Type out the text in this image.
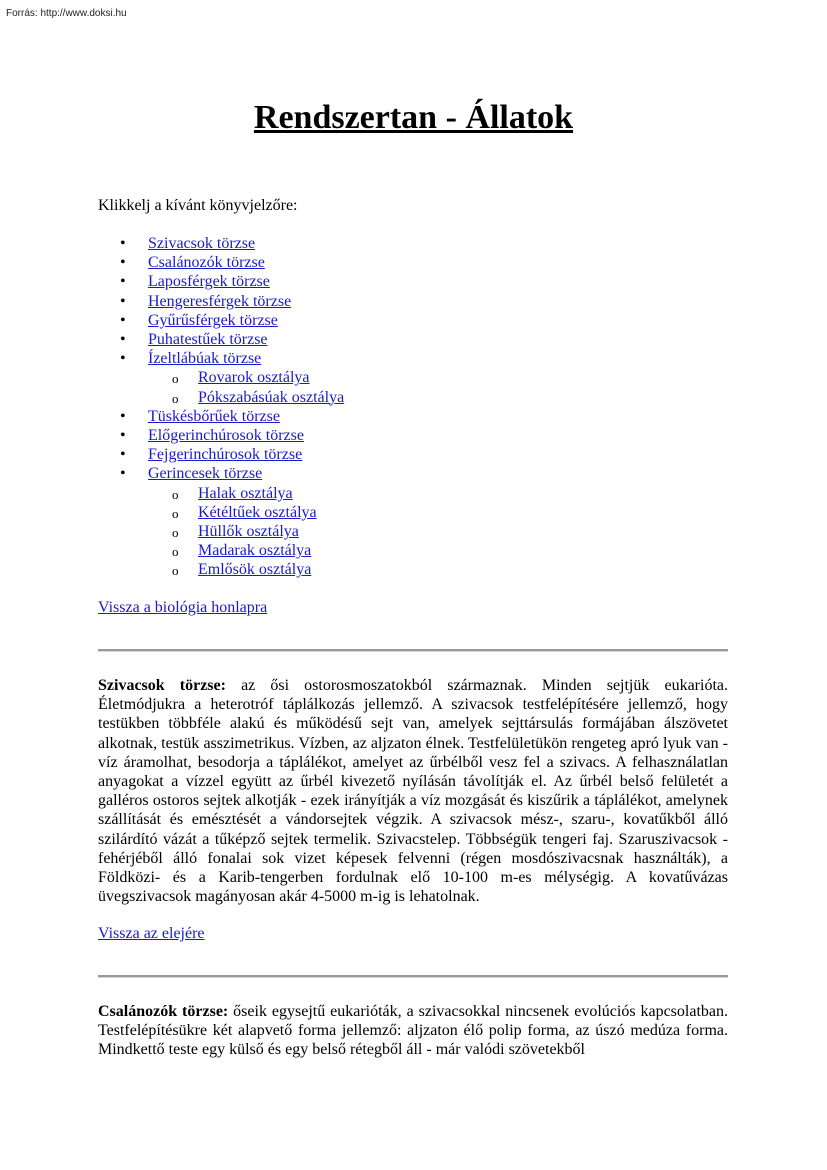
Forrás: http://www.doksi.hu
Rendszertan - Állatok
Klikkelj a kívánt könyvjelzőre:
• Szivacsok törzse
• Csalánozók törzse
• Laposférgek törzse
• Hengeresférgek törzse
• Gyűrűsférgek törzse
• Puhatestűek törzse
• Ízeltlábúak törzse
o Rovarok osztálya
o Pókszabásúak osztálya
• Tüskésbőrűek törzse
• Előgerinchúrosok törzse
• Fejgerinchúrosok törzse
• Gerincesek törzse
o Halak osztálya
o Kétéltűek osztálya
o Hüllők osztálya
o Madarak osztálya
o Emlősök osztálya
Vissza a biológia honlapra

Szivacsok törzse: az ősi ostorosmoszatokból származnak. Minden sejtjük eukarióta. Életmódjukra a heterotróf táplálkozás jellemző. A szivacsok testfelépítésére jellemző, hogy testükben többféle alakú és működésű sejt van, amelyek sejttársulás formájában álszövetet alkotnak, testük asszimetrikus. Vízben, az aljzaton élnek. Testfelületükön rengeteg apró lyuk van - víz áramolhat, besodorja a táplálékot, amelyet az űrbélből vesz fel a szivacs. A felhasználatlan anyagokat a vízzel együtt az űrbél kivezető nyílásán távolítják el. Az űrbél belső felületét a galléros ostoros sejtek alkotják - ezek irányítják a víz mozgását és kiszűrik a táplálékot, amelynek szállítását és emésztését a vándorsejtek végzik. A szivacsok mész-, szaru-, kovatűkből álló szilárdító vázát a tűképző sejtek termelik. Szivacstelep. Többségük tengeri faj. Szaruszivacsok - fehérjéből álló fonalai sok vizet képesek felvenni (régen mosdószivacsnak használták), a Földközi- és a Karib-tengerben fordulnak elő 10-100 m-es mélységig. A kovatűvázas üvegszivacsok magányosan akár 4-5000 m-ig is lehatolnak.

Vissza az elejére

Csalánozók törzse: őseik egysejtű eukarióták, a szivacsokkal nincsenek evolúciós kapcsolatban. Testfelépítésükre két alapvető forma jellemző: aljzaton élő polip forma, az úszó medúza forma. Mindkettő teste egy külső és egy belső rétegből áll - már valódi szövetekből
